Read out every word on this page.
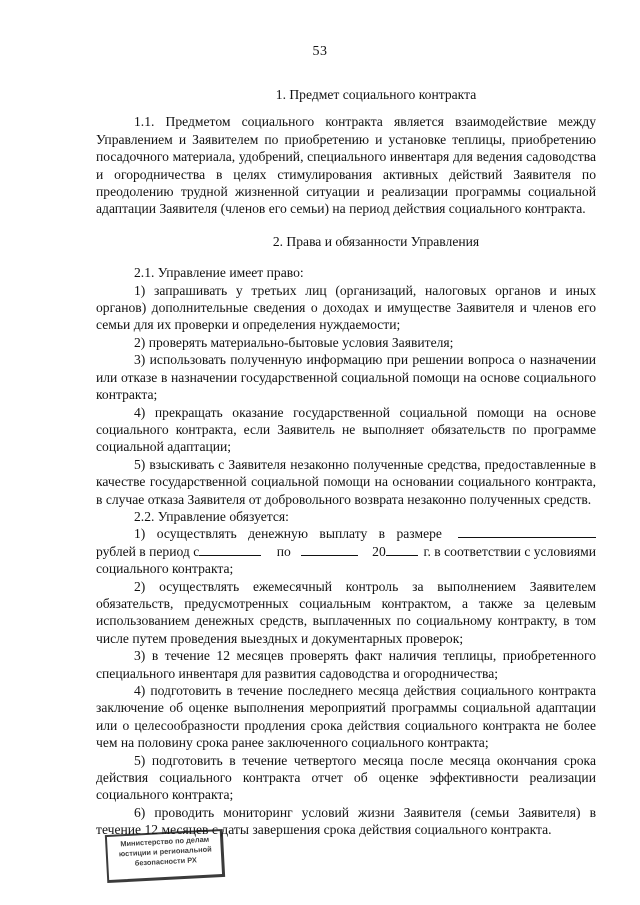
53
1. Предмет социального контракта

1.1. Предметом социального контракта является взаимодействие между Управлением и Заявителем по приобретению и установке теплицы, приобретению посадочного материала, удобрений, специального инвентаря для ведения садоводства и огородничества в целях стимулирования активных действий Заявителя по преодолению трудной жизненной ситуации и реализации программы социальной адаптации Заявителя (членов его семьи) на период действия социального контракта.

2. Права и обязанности Управления

2.1. Управление имеет право:

1) запрашивать у третьих лиц (организаций, налоговых органов и иных органов) дополнительные сведения о доходах и имуществе Заявителя и членов его семьи для их проверки и определения нуждаемости;

2) проверять материально-бытовые условия Заявителя;

3) использовать полученную информацию при решении вопроса о назначении или отказе в назначении государственной социальной помощи на основе социального контракта;

4) прекращать оказание государственной социальной помощи на основе социального контракта, если Заявитель не выполняет обязательств по программе социальной адаптации;

5) взыскивать с Заявителя незаконно полученные средства, предоставленные в качестве государственной социальной помощи на основании социального контракта, в случае отказа Заявителя от добровольного возврата незаконно полученных средств.

2.2. Управление обязуется:

1) осуществлять денежную выплату в размере
рублей в период с	по	20	г. в соответствии с условиями
социального контракта;

2) осуществлять ежемесячный контроль за выполнением Заявителем обязательств, предусмотренных социальным контрактом, а также за целевым использованием денежных средств, выплаченных по социальному контракту, в том числе путем проведения выездных и документарных проверок;

3) в течение 12 месяцев проверять факт наличия теплицы, приобретенного специального инвентаря для развития садоводства и огородничества;

4) подготовить в течение последнего месяца действия социального контракта заключение об оценке выполнения мероприятий программы социальной адаптации или о целесообразности продления срока действия социального контракта не более чем на половину срока ранее заключенного социального контракта;

5) подготовить в течение четвертого месяца после месяца окончания срока действия социального контракта отчет об оценке эффективности реализации социального контракта;

6) проводить мониторинг условий жизни Заявителя (семьи Заявителя) в течение 12 месяцев с даты завершения срока действия социального контракта.

Министерство по делам
юстиции и региональной
безопасности РХ
